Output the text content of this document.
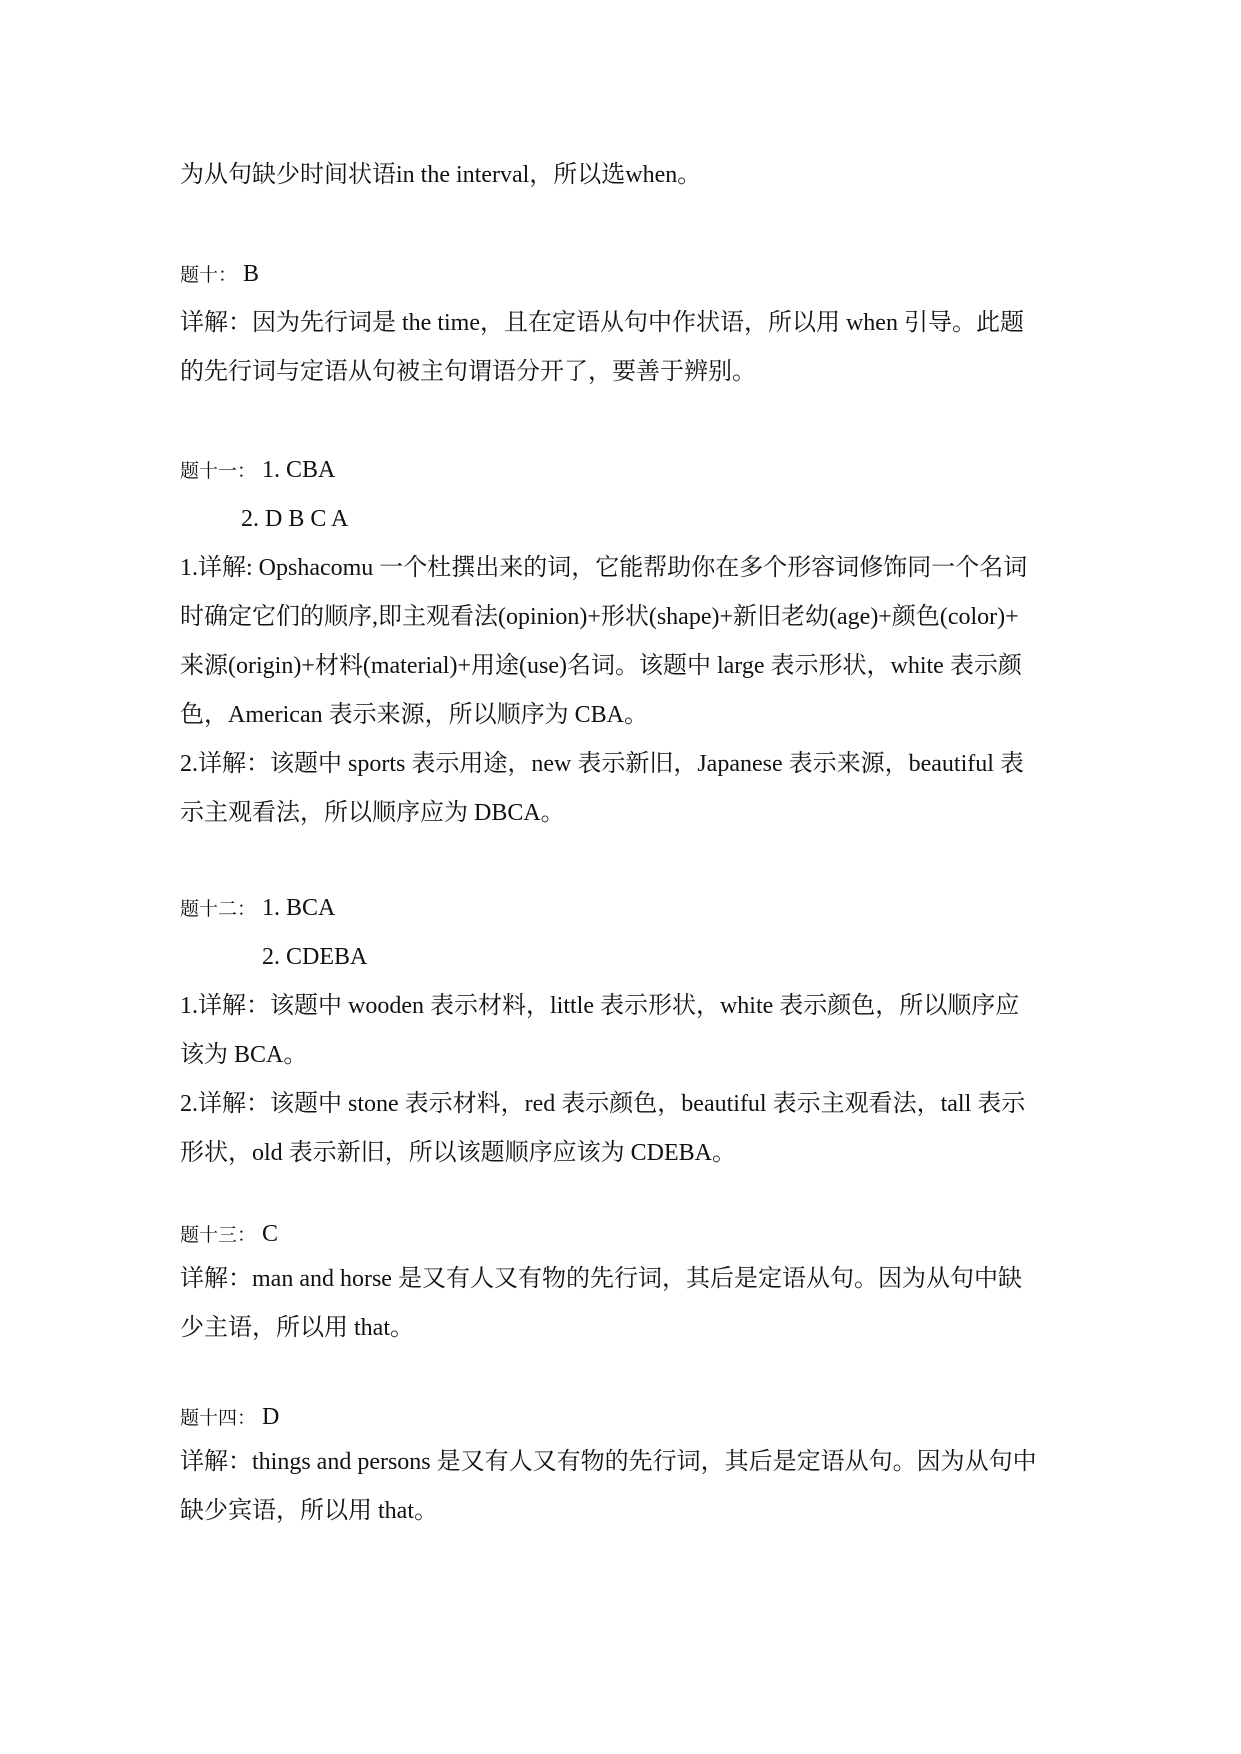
为从句缺少时间状语in the interval，所以选when。
题十： B
详解：因为先行词是 the time，且在定语从句中作状语，所以用 when 引导。此题
的先行词与定语从句被主句谓语分开了，要善于辨别。
题十一： 1. CBA
2. D B C A
1.详解: Opshacomu 一个杜撰出来的词，它能帮助你在多个形容词修饰同一个名词
时确定它们的顺序,即主观看法(opinion)+形状(shape)+新旧老幼(age)+颜色(color)+
来源(origin)+材料(material)+用途(use)名词。该题中 large 表示形状，white 表示颜
色，American 表示来源，所以顺序为 CBA。
2.详解：该题中 sports 表示用途，new 表示新旧，Japanese 表示来源，beautiful 表
示主观看法，所以顺序应为 DBCA。
题十二： 1. BCA
2. CDEBA
1.详解：该题中 wooden 表示材料，little 表示形状，white 表示颜色，所以顺序应
该为 BCA。
2.详解：该题中 stone 表示材料，red 表示颜色，beautiful 表示主观看法，tall 表示
形状，old 表示新旧，所以该题顺序应该为 CDEBA。
题十三： C
详解：man and horse 是又有人又有物的先行词，其后是定语从句。因为从句中缺
少主语，所以用 that。
题十四： D
详解：things and persons 是又有人又有物的先行词，其后是定语从句。因为从句中
缺少宾语，所以用 that。
